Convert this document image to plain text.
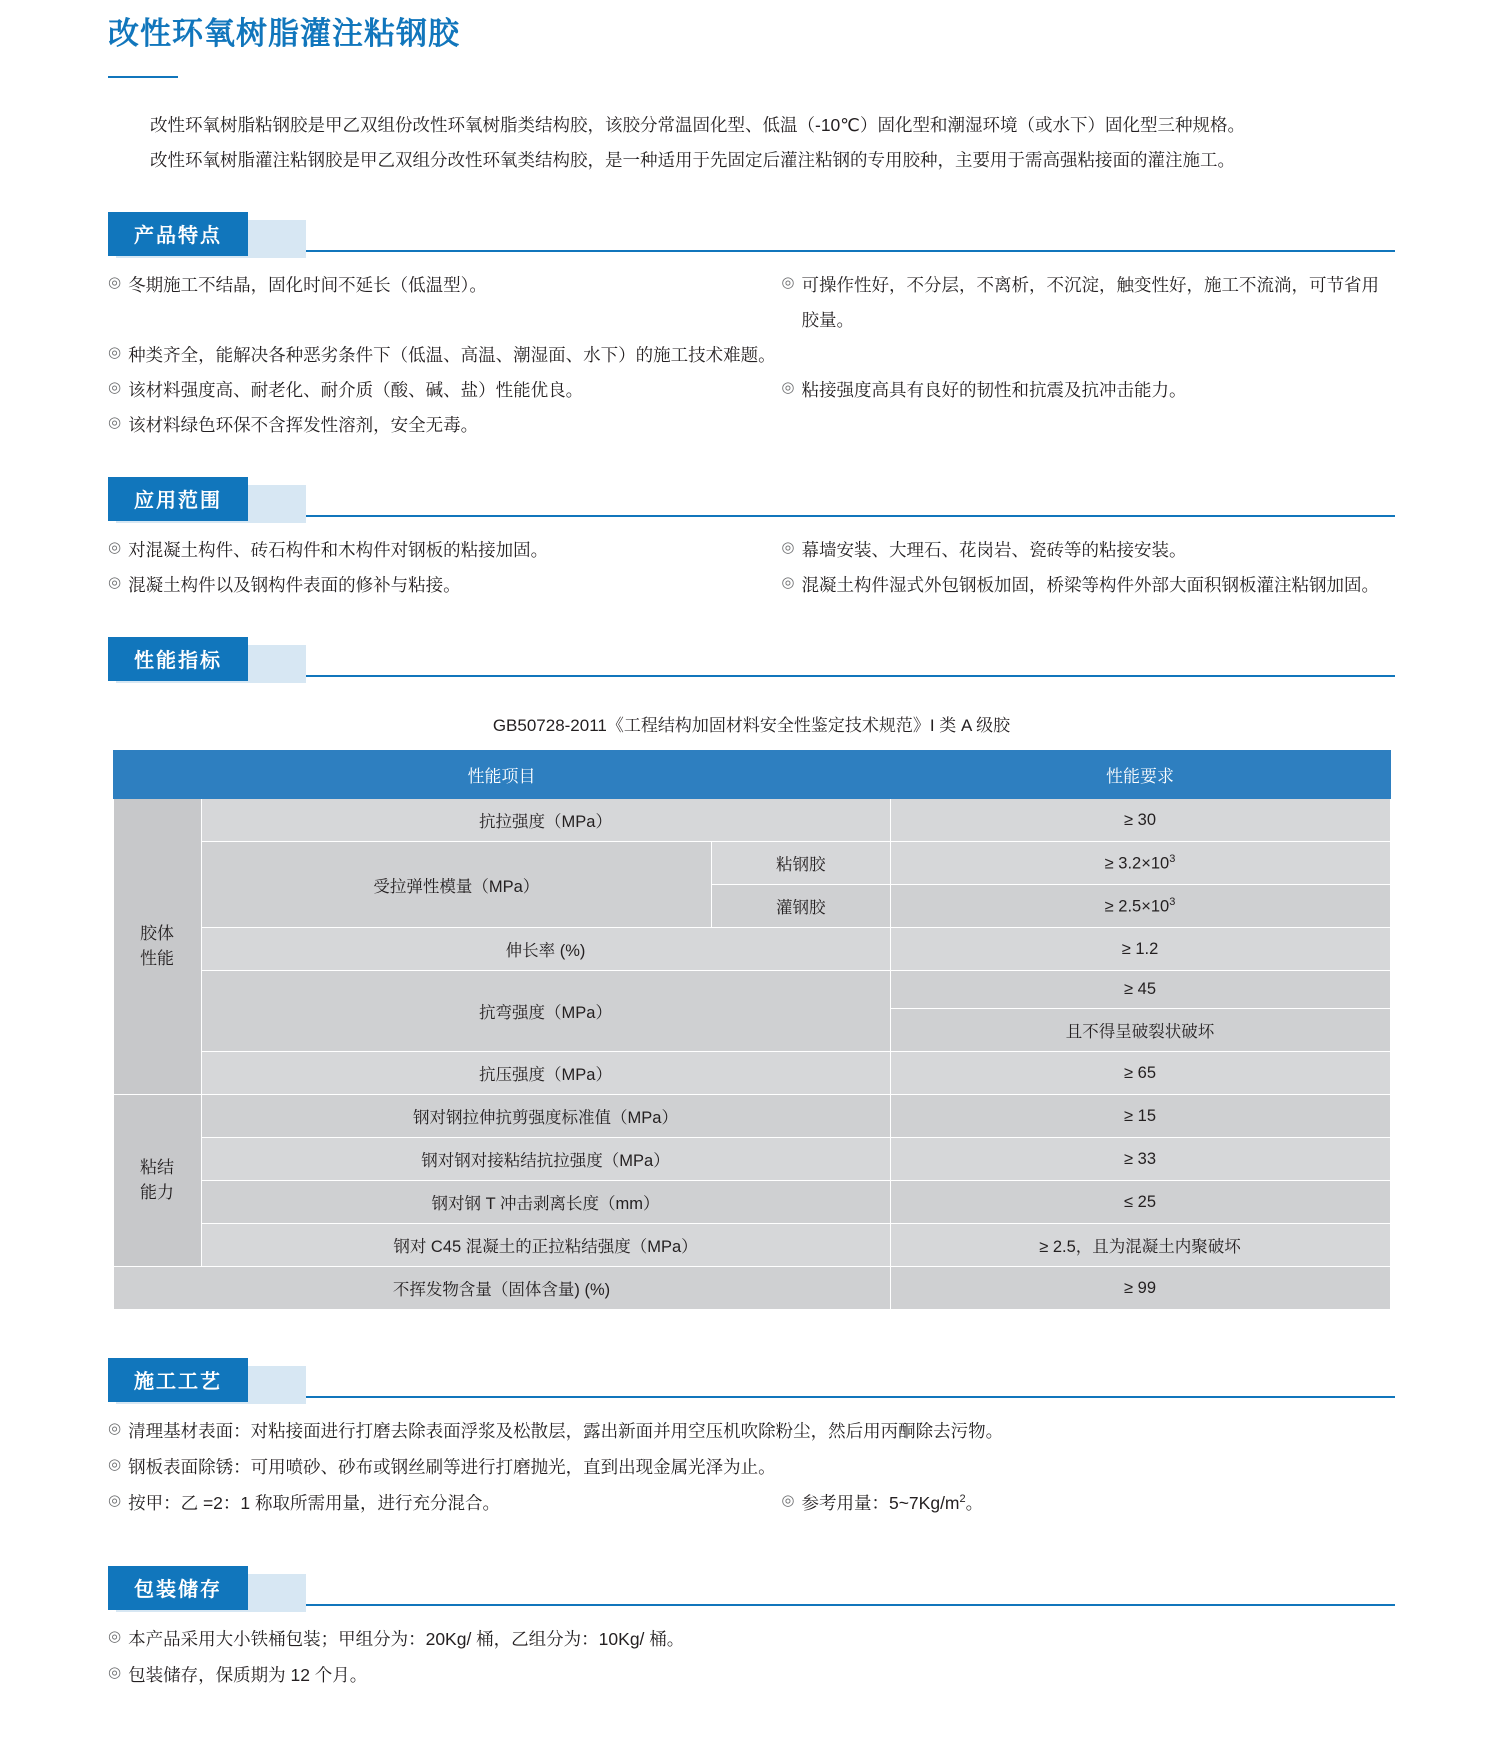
改性环氧树脂灌注粘钢胶

改性环氧树脂粘钢胶是甲乙双组份改性环氧树脂类结构胶，该胶分常温固化型、低温（-10℃）固化型和潮湿环境（或水下）固化型三种规格。

改性环氧树脂灌注粘钢胶是甲乙双组分改性环氧类结构胶，是一种适用于先固定后灌注粘钢的专用胶种，主要用于需高强粘接面的灌注施工。

产品特点
◎ 冬期施工不结晶，固化时间不延长（低温型）。	◎ 可操作性好，不分层，不离析，不沉淀，触变性好，施工不流淌，可节省用胶量。
◎ 种类齐全，能解决各种恶劣条件下（低温、高温、潮湿面、水下）的施工技术难题。
◎ 该材料强度高、耐老化、耐介质（酸、碱、盐）性能优良。	◎ 粘接强度高具有良好的韧性和抗震及抗冲击能力。
◎ 该材料绿色环保不含挥发性溶剂，安全无毒。
应用范围
◎ 对混凝土构件、砖石构件和木构件对钢板的粘接加固。	◎ 幕墙安装、大理石、花岗岩、瓷砖等的粘接安装。
◎ 混凝土构件以及钢构件表面的修补与粘接。	◎ 混凝土构件湿式外包钢板加固，桥梁等构件外部大面积钢板灌注粘钢加固。
性能指标
GB50728-2011《工程结构加固材料安全性鉴定技术规范》I 类 A 级胶
性能项目			性能要求
胶体
性能	抗拉强度（MPa）		≥ 30
	受拉弹性模量（MPa）	粘钢胶	≥ $3.2\times 10^3$
		灌钢胶	≥ $2.5\times 10^3$
	伸长率 (%)		≥ 1.2
	抗弯强度（MPa）		≥ 45
			且不得呈破裂状破坏
	抗压强度（MPa）		≥ 65
粘结
能力	钢对钢拉伸抗剪强度标准值（MPa）		≥ 15
	钢对钢对接粘结抗拉强度（MPa）		≥ 33
	钢对钢 T 冲击剥离长度（mm）		≤ 25
	钢对 C45 混凝土的正拉粘结强度（MPa）		≥ 2.5，且为混凝土内聚破坏
不挥发物含量（固体含量) (%)			≥ 99
施工工艺
◎ 清理基材表面：对粘接面进行打磨去除表面浮浆及松散层，露出新面并用空压机吹除粉尘，然后用丙酮除去污物。
◎ 钢板表面除锈：可用喷砂、砂布或钢丝刷等进行打磨抛光，直到出现金属光泽为止。
◎ 按甲：乙 =2：1 称取所需用量，进行充分混合。	◎ 参考用量：$5\sim 7Kg/m^2$。
包装储存
◎ 本产品采用大小铁桶包装；甲组分为：20Kg/ 桶，乙组分为：10Kg/ 桶。
◎ 包装储存，保质期为 12 个月。
